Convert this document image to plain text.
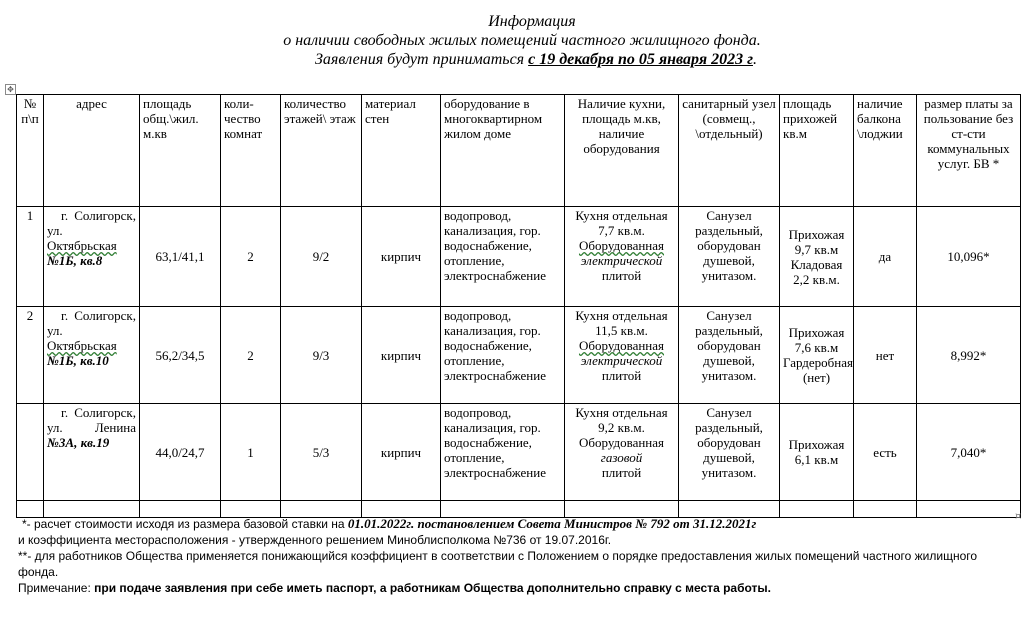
Информация
о наличии свободных жилых помещений частного жилищного фонда.
Заявления будут приниматься с 19 декабря по 05 января 2023 г.
✥
№ п\п	адрес	площадь общ.\жил. м.кв	коли-чество комнат	количество этажей\ этаж	материал стен	оборудование в многоквартирном жилом доме	Наличие кухни, площадь м.кв, наличие оборудования	санитарный узел (совмещ., \отдельный)	площадь прихожей кв.м	наличие балкона \лоджии	размер платы за пользование без ст-сти коммунальных услуг. БВ *
1	г. Солигорск,
ул.
Октябрьская
№1Б, кв.8	63,1/41,1	2	9/2	кирпич	водопровод, канализация, гор. водоснабжение, отопление, электроснабжение	Кухня отдельная 7,7 кв.м.
Оборудованная
электрической
плитой	Санузел раздельный, оборудован душевой, унитазом.	Прихожая 9,7 кв.м Кладовая 2,2 кв.м.	да	10,096*
2	г. Солигорск,
ул.
Октябрьская
№1Б, кв.10	56,2/34,5	2	9/3	кирпич	водопровод, канализация, гор. водоснабжение, отопление, электроснабжение	Кухня отдельная 11,5 кв.м.
Оборудованная
электрической
плитой	Санузел раздельный, оборудован душевой, унитазом.	Прихожая 7,6 кв.м Гардеробная (нет)	нет	8,992*

	г. Солигорск,
ул. Ленина
№3А, кв.19	44,0/24,7	1	5/3	кирпич	водопровод, канализация, гор. водоснабжение, отопление, электроснабжение	Кухня отдельная 9,2 кв.м.
Оборудованная
газовой
плитой	Санузел раздельный, оборудован душевой, унитазом.	Прихожая 6,1 кв.м	есть	7,040*

¤
*- расчет стоимости исходя из размера базовой ставки на 01.01.2022г. постановлением Совета Министров № 792 от 31.12.2021г
и коэффициента месторасположения - утвержденного решением Миноблисполкома №736 от 19.07.2016г.
**- для работников Общества применяется понижающийся коэффициент в соответствии с Положением о порядке предоставления жилых помещений частного жилищного фонда.
Примечание: при подаче заявления при себе иметь паспорт, а работникам Общества дополнительно справку с места работы.
